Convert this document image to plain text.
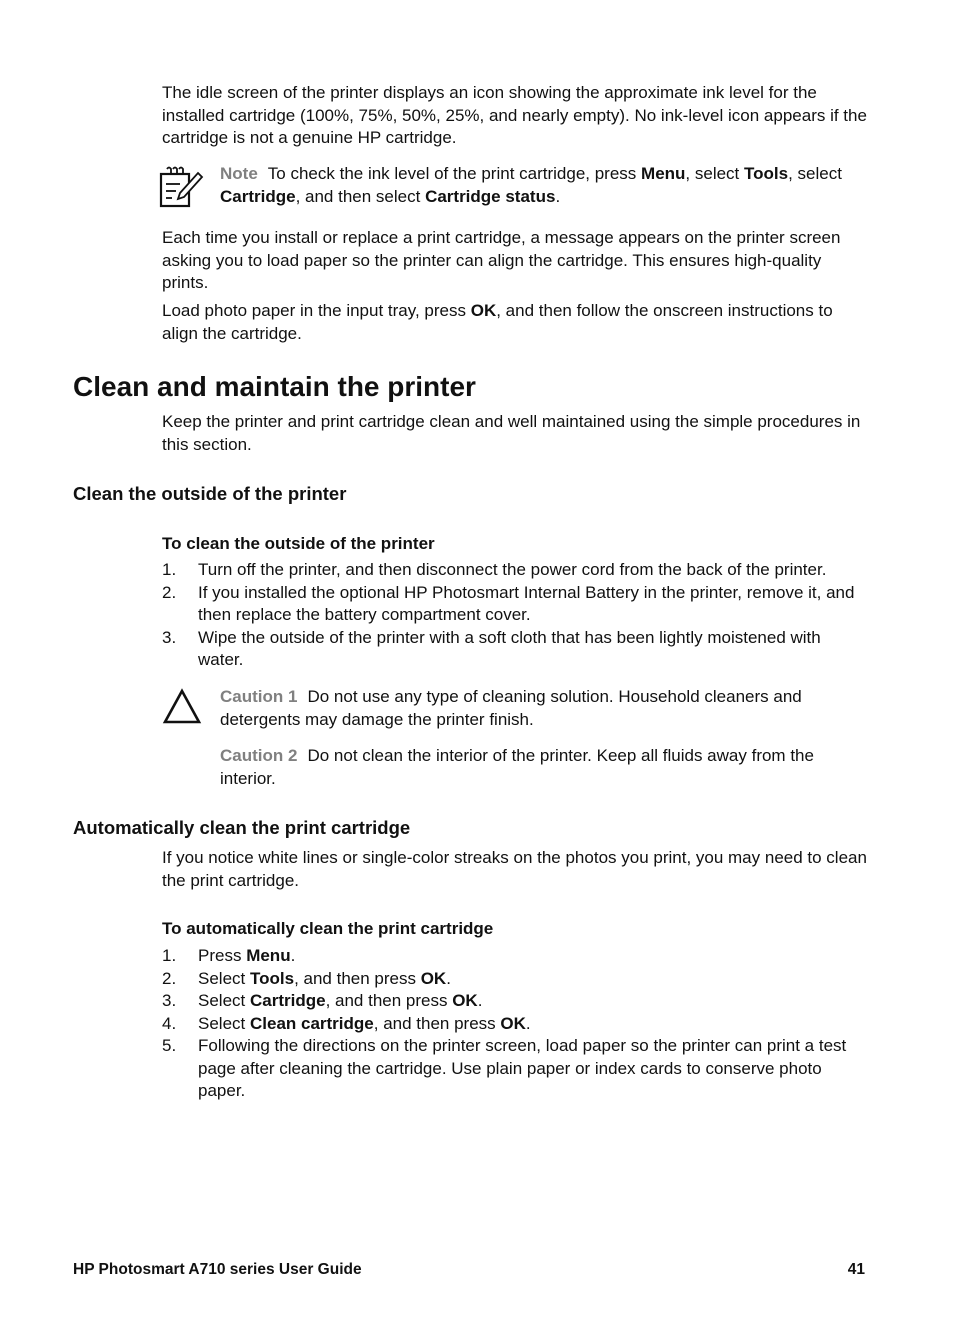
The idle screen of the printer displays an icon showing the approximate ink level for the installed cartridge (100%, 75%, 50%, 25%, and nearly empty). No ink-level icon appears if the cartridge is not a genuine HP cartridge.

Note To check the ink level of the print cartridge, press Menu, select Tools, select Cartridge, and then select Cartridge status.

Each time you install or replace a print cartridge, a message appears on the printer screen asking you to load paper so the printer can align the cartridge. This ensures high-quality prints.

Load photo paper in the input tray, press OK, and then follow the onscreen instructions to align the cartridge.

Clean and maintain the printer

Keep the printer and print cartridge clean and well maintained using the simple procedures in this section.

Clean the outside of the printer
To clean the outside of the printer
1. Turn off the printer, and then disconnect the power cord from the back of the printer.
2. If you installed the optional HP Photosmart Internal Battery in the printer, remove it, and then replace the battery compartment cover.
3. Wipe the outside of the printer with a soft cloth that has been lightly moistened with water.

Caution 1 Do not use any type of cleaning solution. Household cleaners and detergents may damage the printer finish.

Caution 2 Do not clean the interior of the printer. Keep all fluids away from the interior.

Automatically clean the print cartridge

If you notice white lines or single-color streaks on the photos you print, you may need to clean the print cartridge.

To automatically clean the print cartridge
1. Press Menu.
2. Select Tools, and then press OK.
3. Select Cartridge, and then press OK.
4. Select Clean cartridge, and then press OK.
5. Following the directions on the printer screen, load paper so the printer can print a test page after cleaning the cartridge. Use plain paper or index cards to conserve photo paper.
HP Photosmart A710 series User Guide	41
